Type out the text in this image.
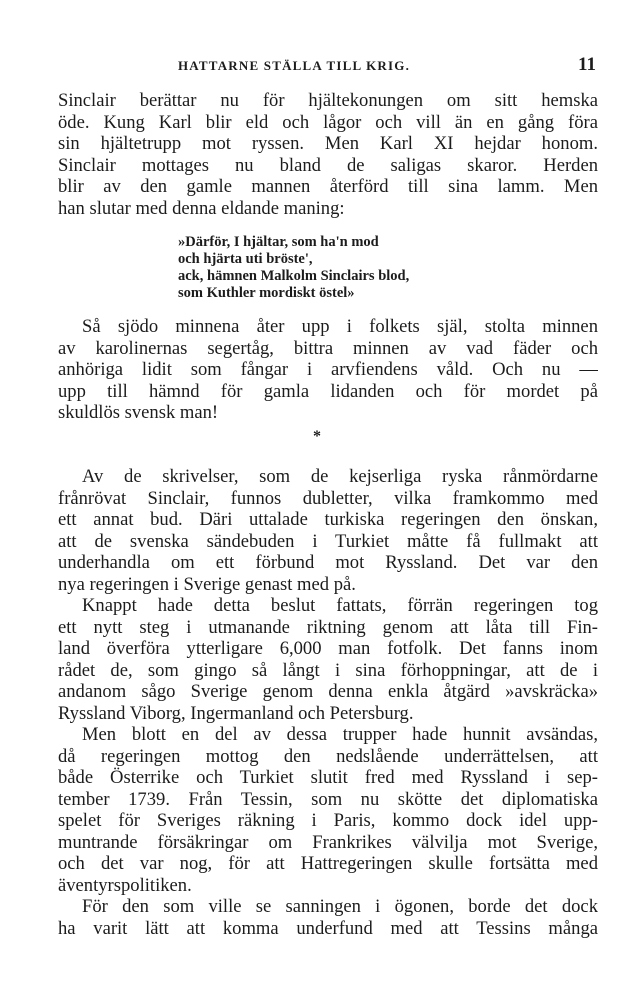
HATTARNE STÄLLA TILL KRIG.	11
Sinclair berättar nu för hjältekonungen om sitt hemska
öde. Kung Karl blir eld och lågor och vill än en gång föra
sin hjältetrupp mot ryssen. Men Karl XI hejdar honom.
Sinclair mottages nu bland de saligas skaror. Herden
blir av den gamle mannen återförd till sina lamm. Men
han slutar med denna eldande maning:
»Därför, I hjältar, som ha'n mod
och hjärta uti bröste',
ack, hämnen Malkolm Sinclairs blod,
som Kuthler mordiskt östel»
Så sjödo minnena åter upp i folkets själ, stolta minnen
av karolinernas segertåg, bittra minnen av vad fäder och
anhöriga lidit som fångar i arvfiendens våld. Och nu —
upp till hämnd för gamla lidanden och för mordet på
skuldlös svensk man!
*
Av de skrivelser, som de kejserliga ryska rånmördarne
frånrövat Sinclair, funnos dubletter, vilka framkommo med
ett annat bud. Däri uttalade turkiska regeringen den önskan,
att de svenska sändebuden i Turkiet måtte få fullmakt att
underhandla om ett förbund mot Ryssland. Det var den
nya regeringen i Sverige genast med på.
Knappt hade detta beslut fattats, förrän regeringen tog
ett nytt steg i utmanande riktning genom att låta till Fin-
land överföra ytterligare 6,000 man fotfolk. Det fanns inom
rådet de, som gingo så långt i sina förhoppningar, att de i
andanom sågo Sverige genom denna enkla åtgärd »avskräcka»
Ryssland Viborg, Ingermanland och Petersburg.
Men blott en del av dessa trupper hade hunnit avsändas,
då regeringen mottog den nedslående underrättelsen, att
både Österrike och Turkiet slutit fred med Ryssland i sep-
tember 1739. Från Tessin, som nu skötte det diplomatiska
spelet för Sveriges räkning i Paris, kommo dock idel upp-
muntrande försäkringar om Frankrikes välvilja mot Sverige,
och det var nog, för att Hattregeringen skulle fortsätta med
äventyrspolitiken.
För den som ville se sanningen i ögonen, borde det dock
ha varit lätt att komma underfund med att Tessins många
